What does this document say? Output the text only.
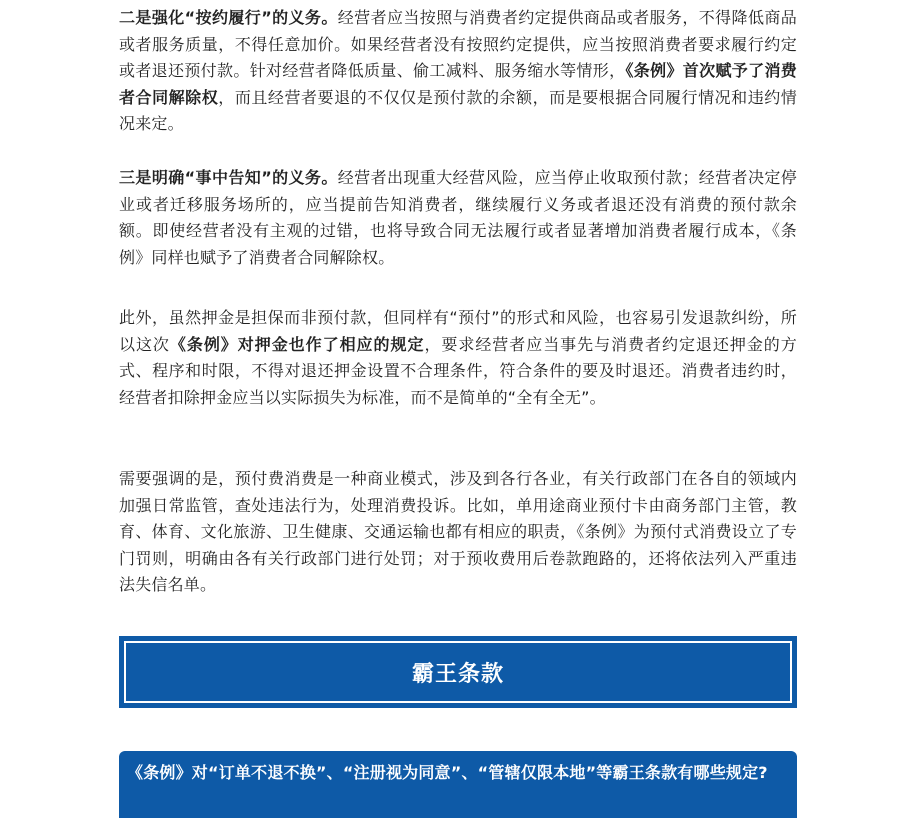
二是强化“按约履行”的义务。经营者应当按照与消费者约定提供商品或者服务，不得降低商品或者服务质量，不得任意加价。如果经营者没有按照约定提供，应当按照消费者要求履行约定或者退还预付款。针对经营者降低质量、偷工减料、服务缩水等情形，《条例》首次赋予了消费者合同解除权，而且经营者要退的不仅仅是预付款的余额，而是要根据合同履行情况和违约情况来定。

三是明确“事中告知”的义务。经营者出现重大经营风险，应当停止收取预付款；经营者决定停业或者迁移服务场所的，应当提前告知消费者，继续履行义务或者退还没有消费的预付款余额。即使经营者没有主观的过错，也将导致合同无法履行或者显著增加消费者履行成本，《条例》同样也赋予了消费者合同解除权。

此外，虽然押金是担保而非预付款，但同样有“预付”的形式和风险，也容易引发退款纠纷，所以这次《条例》对押金也作了相应的规定，要求经营者应当事先与消费者约定退还押金的方式、程序和时限，不得对退还押金设置不合理条件，符合条件的要及时退还。消费者违约时，经营者扣除押金应当以实际损失为标准，而不是简单的“全有全无”。

需要强调的是，预付费消费是一种商业模式，涉及到各行各业，有关行政部门在各自的领域内加强日常监管，查处违法行为，处理消费投诉。比如，单用途商业预付卡由商务部门主管，教育、体育、文化旅游、卫生健康、交通运输也都有相应的职责，《条例》为预付式消费设立了专门罚则，明确由各有关行政部门进行处罚；对于预收费用后卷款跑路的，还将依法列入严重违法失信名单。

霸王条款

《条例》对“订单不退不换”、“注册视为同意”、“管辖仅限本地”等霸王条款有哪些规定?
